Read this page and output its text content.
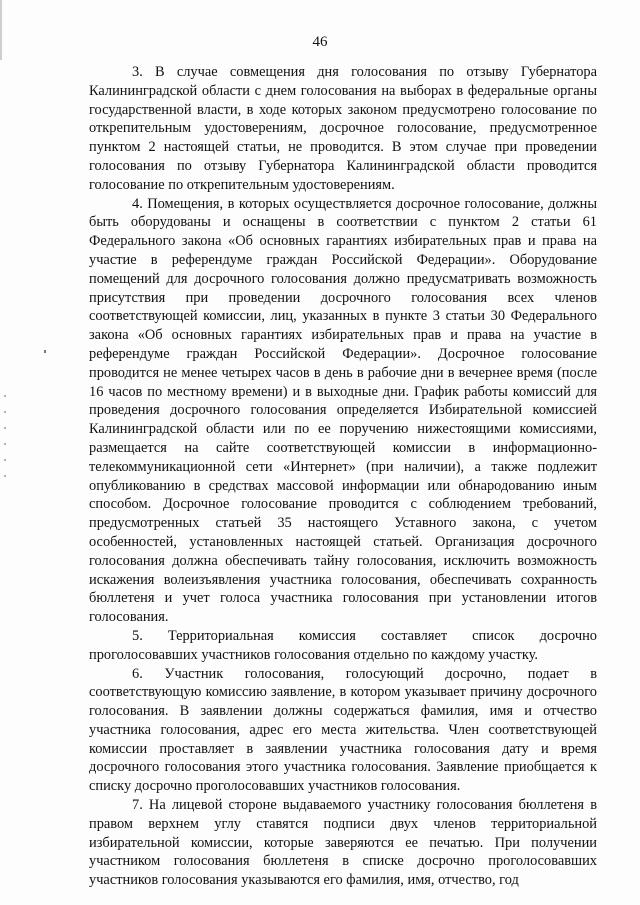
46

3. В случае совмещения дня голосования по отзыву Губернатора Калининградской области с днем голосования на выборах в федеральные органы государственной власти, в ходе которых законом предусмотрено голосование по открепительным удостоверениям, досрочное голосование, предусмотренное пунктом 2 настоящей статьи, не проводится. В этом случае при проведении голосования по отзыву Губернатора Калининградской области проводится голосование по открепительным удостоверениям.

4. Помещения, в которых осуществляется досрочное голосование, должны быть оборудованы и оснащены в соответствии с пунктом 2 статьи 61 Федерального закона «Об основных гарантиях избирательных прав и права на участие в референдуме граждан Российской Федерации». Оборудование помещений для досрочного голосования должно предусматривать возможность присутствия при проведении досрочного голосования всех членов соответствующей комиссии, лиц, указанных в пункте 3 статьи 30 Федерального закона «Об основных гарантиях избирательных прав и права на участие в референдуме граждан Российской Федерации». Досрочное голосование проводится не менее четырех часов в день в рабочие дни в вечернее время (после 16 часов по местному времени) и в выходные дни. График работы комиссий для проведения досрочного голосования определяется Избирательной комиссией Калининградской области или по ее поручению нижестоящими комиссиями, размещается на сайте соответствующей комиссии в информационно-телекоммуникационной сети «Интернет» (при наличии), а также подлежит опубликованию в средствах массовой информации или обнародованию иным способом. Досрочное голосование проводится с соблюдением требований, предусмотренных статьей 35 настоящего Уставного закона, с учетом особенностей, установленных настоящей статьей. Организация досрочного голосования должна обеспечивать тайну голосования, исключить возможность искажения волеизъявления участника голосования, обеспечивать сохранность бюллетеня и учет голоса участника голосования при установлении итогов голосования.

5. Территориальная комиссия составляет список досрочно проголосовавших участников голосования отдельно по каждому участку.

6. Участник голосования, голосующий досрочно, подает в соответствующую комиссию заявление, в котором указывает причину досрочного голосования. В заявлении должны содержаться фамилия, имя и отчество участника голосования, адрес его места жительства. Член соответствующей комиссии проставляет в заявлении участника голосования дату и время досрочного голосования этого участника голосования. Заявление приобщается к списку досрочно проголосовавших участников голосования.

7. На лицевой стороне выдаваемого участнику голосования бюллетеня в правом верхнем углу ставятся подписи двух членов территориальной избирательной комиссии, которые заверяются ее печатью. При получении участником голосования бюллетеня в списке досрочно проголосовавших участников голосования указываются его фамилия, имя, отчество, год
